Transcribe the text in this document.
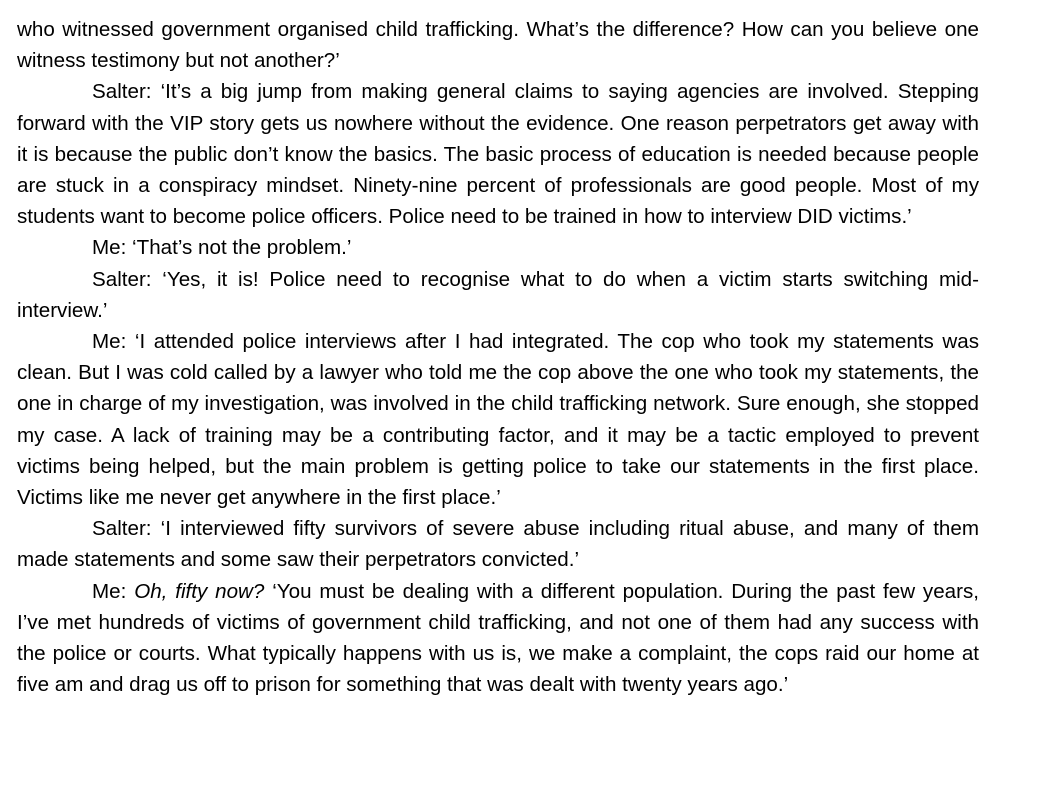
who witnessed government organised child trafficking. What’s the difference? How can you believe one witness testimony but not another?’

Salter: ‘It’s a big jump from making general claims to saying agencies are involved. Stepping forward with the VIP story gets us nowhere without the evidence. One reason perpetrators get away with it is because the public don’t know the basics. The basic process of education is needed because people are stuck in a conspiracy mindset. Ninety-nine percent of professionals are good people. Most of my students want to become police officers. Police need to be trained in how to interview DID victims.’

Me: ‘That’s not the problem.’

Salter: ‘Yes, it is! Police need to recognise what to do when a victim starts switching mid-interview.’

Me: ‘I attended police interviews after I had integrated. The cop who took my statements was clean. But I was cold called by a lawyer who told me the cop above the one who took my statements, the one in charge of my investigation, was involved in the child trafficking network. Sure enough, she stopped my case. A lack of training may be a contributing factor, and it may be a tactic employed to prevent victims being helped, but the main problem is getting police to take our statements in the first place. Victims like me never get anywhere in the first place.’

Salter: ‘I interviewed fifty survivors of severe abuse including ritual abuse, and many of them made statements and some saw their perpetrators convicted.’

Me: Oh, fifty now? ‘You must be dealing with a different population. During the past few years, I’ve met hundreds of victims of government child trafficking, and not one of them had any success with the police or courts. What typically happens with us is, we make a complaint, the cops raid our home at five am and drag us off to prison for something that was dealt with twenty years ago.’
